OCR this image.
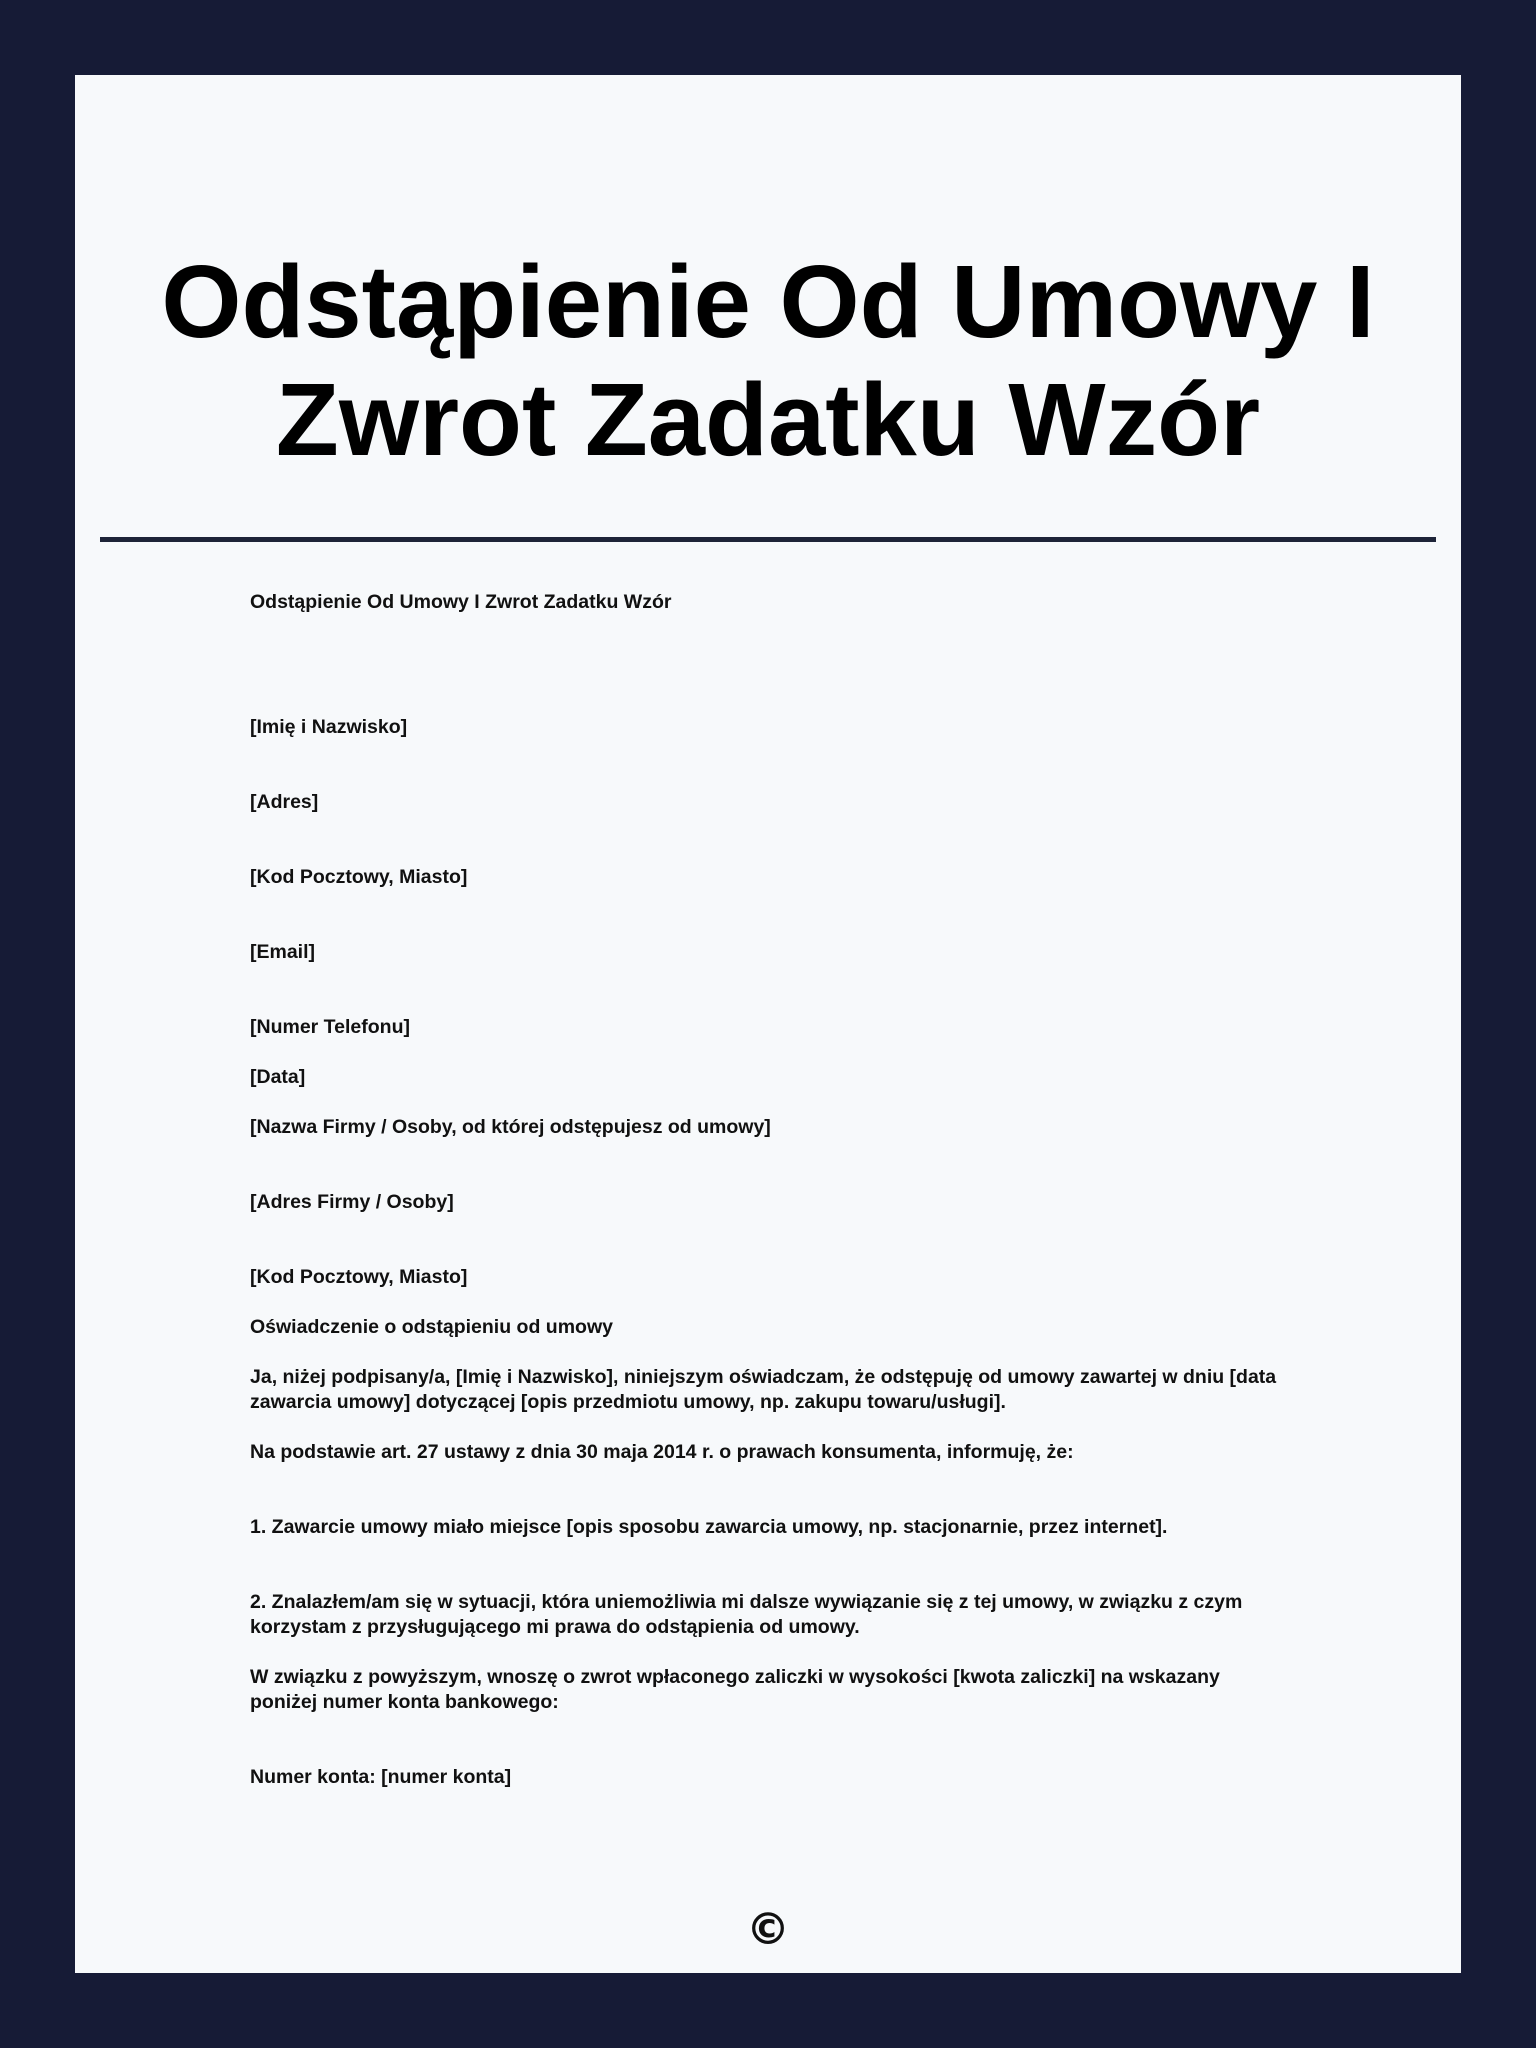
Odstąpienie Od Umowy I Zwrot Zadatku Wzór

Odstąpienie Od Umowy I Zwrot Zadatku Wzór

[Imię i Nazwisko]

[Adres]

[Kod Pocztowy, Miasto]

[Email]

[Numer Telefonu]

[Data]

[Nazwa Firmy / Osoby, od której odstępujesz od umowy]

[Adres Firmy / Osoby]

[Kod Pocztowy, Miasto]

Oświadczenie o odstąpieniu od umowy

Ja, niżej podpisany/a, [Imię i Nazwisko], niniejszym oświadczam, że odstępuję od umowy zawartej w dniu [data zawarcia umowy] dotyczącej [opis przedmiotu umowy, np. zakupu towaru/usługi].

Na podstawie art. 27 ustawy z dnia 30 maja 2014 r. o prawach konsumenta, informuję, że:

1. Zawarcie umowy miało miejsce [opis sposobu zawarcia umowy, np. stacjonarnie, przez internet].

2. Znalazłem/am się w sytuacji, która uniemożliwia mi dalsze wywiązanie się z tej umowy, w związku z czym korzystam z przysługującego mi prawa do odstąpienia od umowy.

W związku z powyższym, wnoszę o zwrot wpłaconego zaliczki w wysokości [kwota zaliczki] na wskazany poniżej numer konta bankowego:

Numer konta: [numer konta]

©
